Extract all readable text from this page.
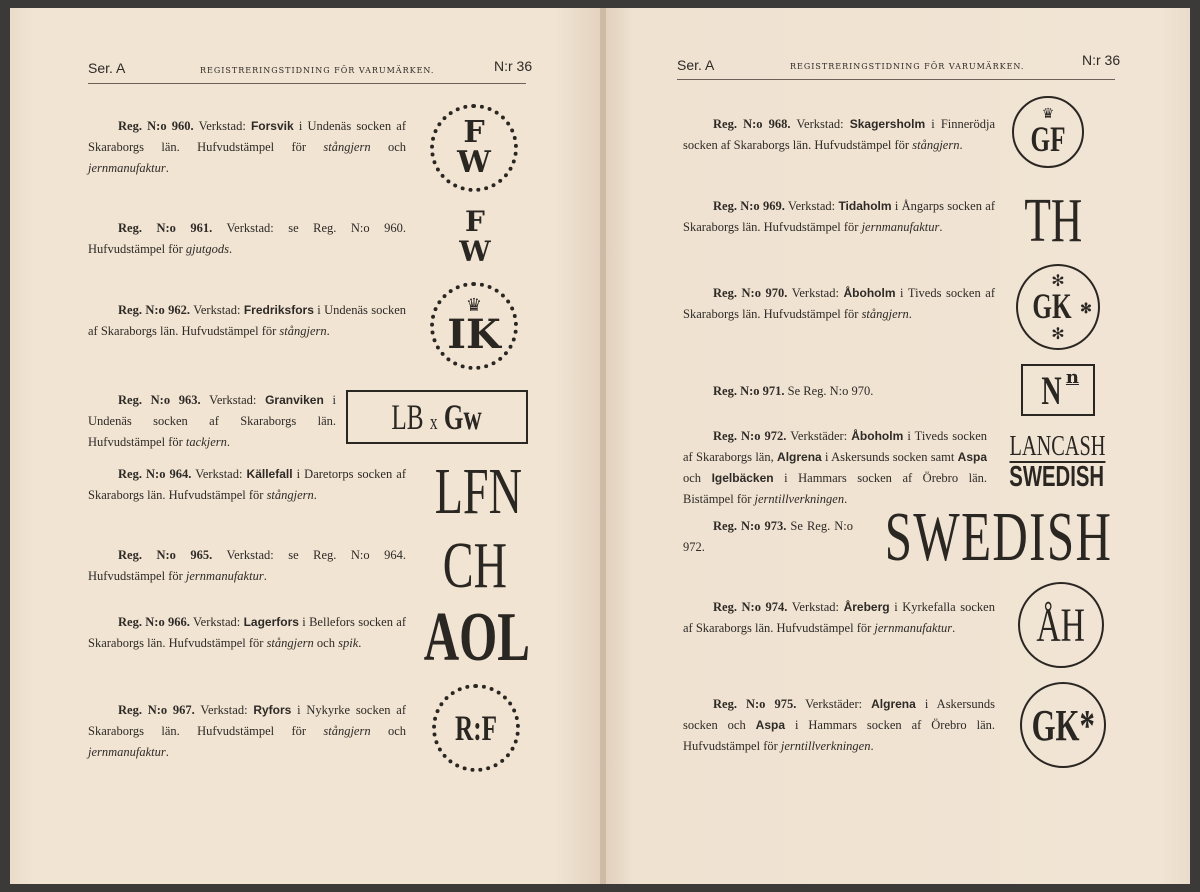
Ser. A	REGISTRERINGSTIDNING FÖR VARUMÄRKEN.	N:r 36	Ser. A	REGISTRERINGSTIDNING FÖR VARUMÄRKEN.	N:r 36

Reg. N:o 960. Verkstad: Forsvik i Undenäs socken af Skaraborgs län. Hufvudstämpel för stångjern och jernmanufaktur.

Reg. N:o 961. Verkstad: se Reg. N:o 960. Hufvudstämpel för gjutgods.

Reg. N:o 962. Verkstad: Fredriksfors i Undenäs socken af Skaraborgs län. Hufvudstämpel för stångjern.

Reg. N:o 963. Verkstad: Granviken i Undenäs socken af Skaraborgs län. Hufvudstämpel för tackjern.

Reg. N:o 964. Verkstad: Källefall i Daretorps socken af Skaraborgs län. Hufvudstämpel för stångjern.

Reg. N:o 965. Verkstad: se Reg. N:o 964. Hufvudstämpel för jernmanufaktur.

Reg. N:o 966. Verkstad: Lagerfors i Bellefors socken af Skaraborgs län. Hufvudstämpel för stångjern och spik.

Reg. N:o 967. Verkstad: Ryfors i Nykyrke socken af Skaraborgs län. Hufvudstämpel för stångjern och jernmanufaktur.

F
W
F
W
♛
IK
LB x Gw
LFN
CH
AOL
R:F

Reg. N:o 968. Verkstad: Skagersholm i Finnerödja socken af Skaraborgs län. Hufvudstämpel för stångjern.

Reg. N:o 969. Verkstad: Tidaholm i Ångarps socken af Skaraborgs län. Hufvudstämpel för jernmanufaktur.

Reg. N:o 970. Verkstad: Åboholm i Tiveds socken af Skaraborgs län. Hufvudstämpel för stångjern.

Reg. N:o 971. Se Reg. N:o 970.

Reg. N:o 972. Verkstäder: Åboholm i Tiveds socken af Skaraborgs län, Algrena i Askersunds socken samt Aspa och Igelbäcken i Hammars socken af Örebro län. Bistämpel för jerntillverkningen.

Reg. N:o 973. Se Reg. N:o 972.

Reg. N:o 974. Verkstad: Åreberg i Kyrkefalla socken af Skaraborgs län. Hufvudstämpel för jernmanufaktur.

Reg. N:o 975. Verkstäder: Algrena i Askersunds socken och Aspa i Hammars socken af Örebro län. Hufvudstämpel för jerntillverkningen.

♛
GF
TH
✻
GK ✻
✻
N $^n$
LANCASH
SWEDISH
SWEDISH
ÅH
GK*
